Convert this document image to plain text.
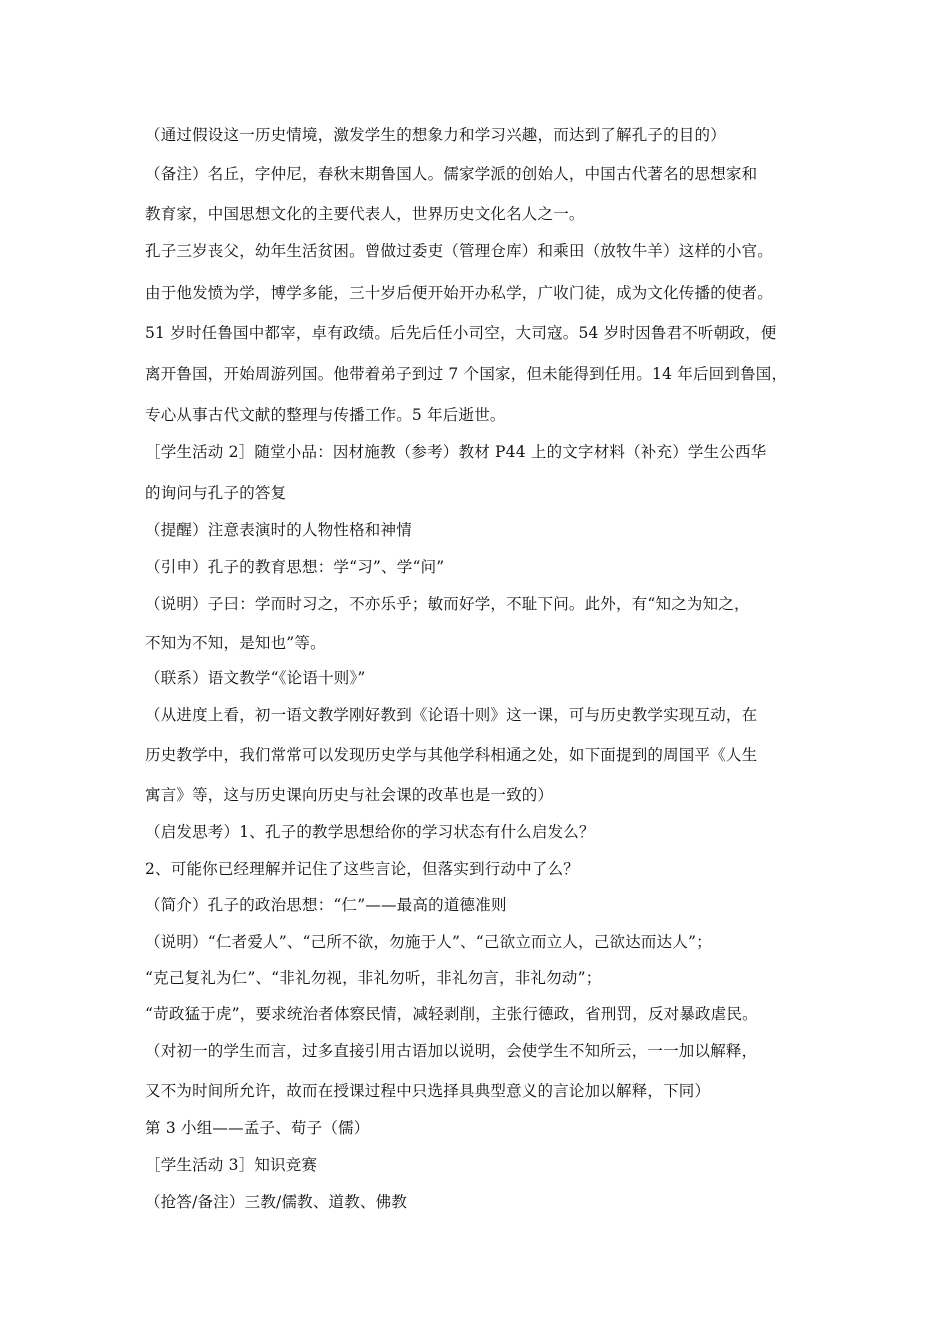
（通过假设这一历史情境，激发学生的想象力和学习兴趣，而达到了解孔子的目的）
（备注）名丘，字仲尼，春秋末期鲁国人。儒家学派的创始人，中国古代著名的思想家和
教育家，中国思想文化的主要代表人，世界历史文化名人之一。
孔子三岁丧父，幼年生活贫困。曾做过委吏（管理仓库）和乘田（放牧牛羊）这样的小官。
由于他发愤为学，博学多能，三十岁后便开始开办私学，广收门徒，成为文化传播的使者。
51 岁时任鲁国中都宰，卓有政绩。后先后任小司空，大司寇。54 岁时因鲁君不听朝政，便
离开鲁国，开始周游列国。他带着弟子到过 7 个国家，但未能得到任用。14 年后回到鲁国，
专心从事古代文献的整理与传播工作。5 年后逝世。
［学生活动 2］随堂小品：因材施教（参考）教材 P44 上的文字材料（补充）学生公西华
的询问与孔子的答复
（提醒）注意表演时的人物性格和神情
（引申）孔子的教育思想：学“习”、学“问”
（说明）子曰：学而时习之，不亦乐乎；敏而好学，不耻下问。此外，有“知之为知之，
不知为不知，是知也”等。
（联系）语文教学“《论语十则》”
（从进度上看，初一语文教学刚好教到《论语十则》这一课，可与历史教学实现互动，在
历史教学中，我们常常可以发现历史学与其他学科相通之处，如下面提到的周国平《人生
寓言》等，这与历史课向历史与社会课的改革也是一致的）
（启发思考）1、孔子的教学思想给你的学习状态有什么启发么？
2、可能你已经理解并记住了这些言论，但落实到行动中了么？
（简介）孔子的政治思想：“仁”——最高的道德准则
（说明）“仁者爱人”、“己所不欲，勿施于人”、“己欲立而立人，己欲达而达人”；
“克己复礼为仁”、“非礼勿视，非礼勿听，非礼勿言，非礼勿动”；
“苛政猛于虎”，要求统治者体察民情，减轻剥削，主张行德政，省刑罚，反对暴政虐民。
（对初一的学生而言，过多直接引用古语加以说明，会使学生不知所云，一一加以解释，
又不为时间所允许，故而在授课过程中只选择具典型意义的言论加以解释，下同）
第 3 小组——孟子、荀子（儒）
［学生活动 3］知识竞赛
（抢答/备注）三教/儒教、道教、佛教
